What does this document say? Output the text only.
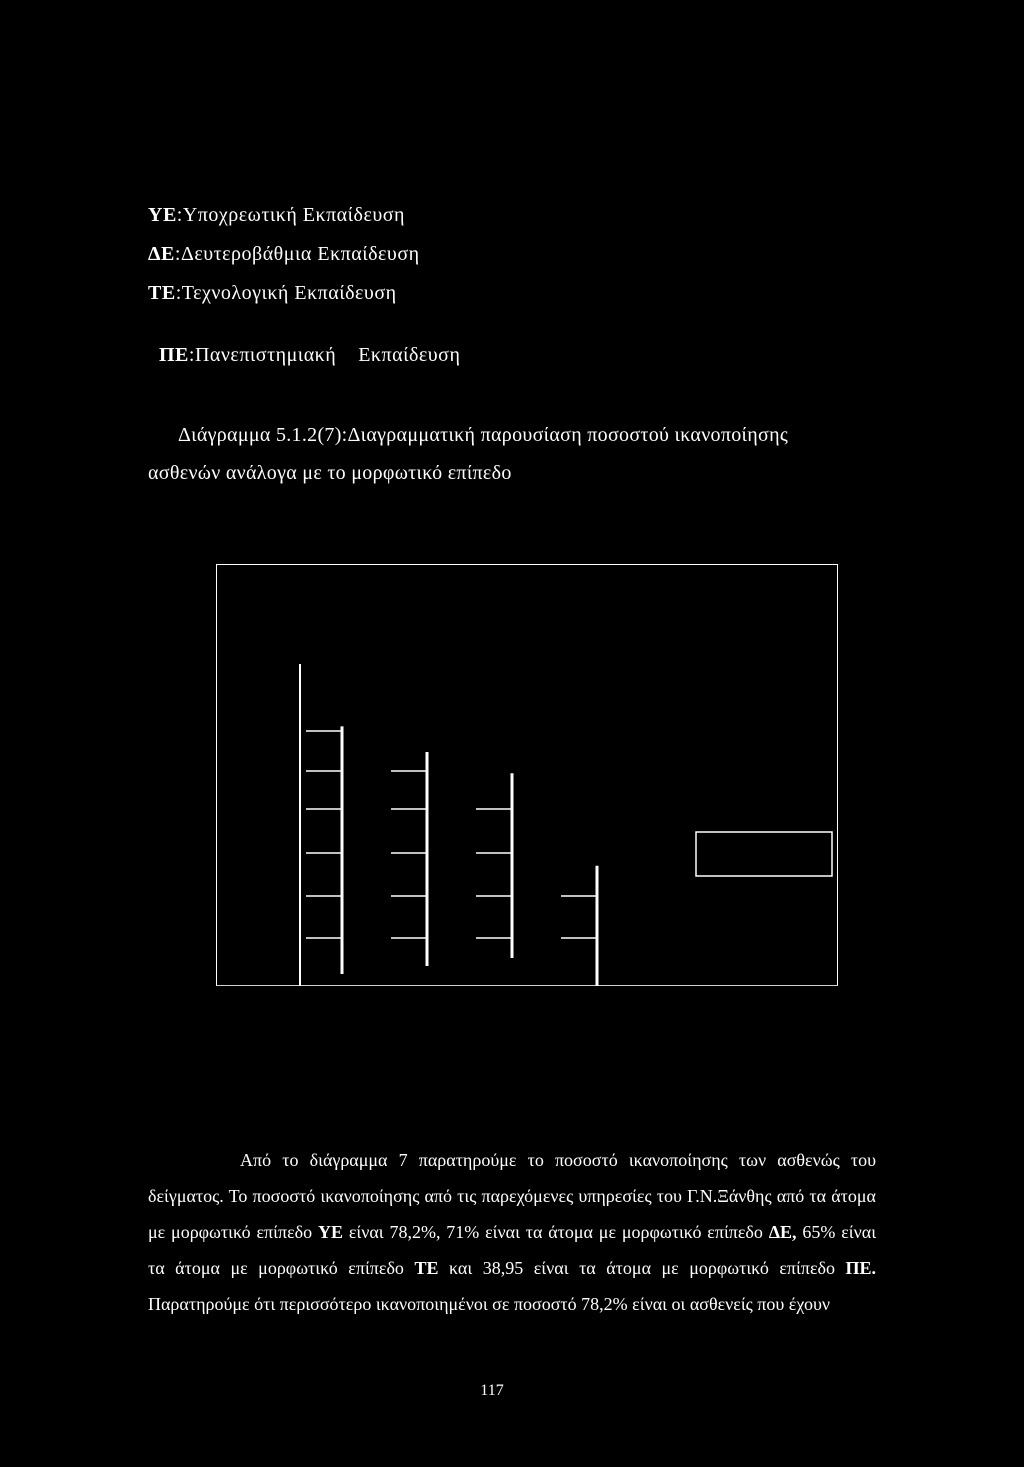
ΥΕ:Υποχρεωτική Εκπαίδευση
ΔΕ:Δευτεροβάθμια Εκπαίδευση
ΤΕ:Τεχνολογική Εκπαίδευση

ΠΕ:Πανεπιστημιακή    Εκπαίδευση

Διάγραμμα 5.1.2(7):Διαγραμματική παρουσίαση ποσοστού ικανοποίησης
ασθενών ανάλογα με το μορφωτικό επίπεδο

Από το διάγραμμα 7 παρατηρούμε το ποσοστό ικανοποίησης των ασθενώς του δείγματος. Το ποσοστό ικανοποίησης από τις παρεχόμενες υπηρεσίες του Γ.Ν.Ξάνθης από τα άτομα με μορφωτικό επίπεδο ΥΕ είναι 78,2%, 71% είναι τα άτομα με μορφωτικό επίπεδο ΔΕ, 65% είναι τα άτομα με μορφωτικό επίπεδο ΤΕ και 38,95 είναι τα άτομα με μορφωτικό επίπεδο ΠΕ. Παρατηρούμε ότι περισσότερο ικανοποιημένοι σε ποσοστό 78,2% είναι οι ασθενείς που έχουν

117
